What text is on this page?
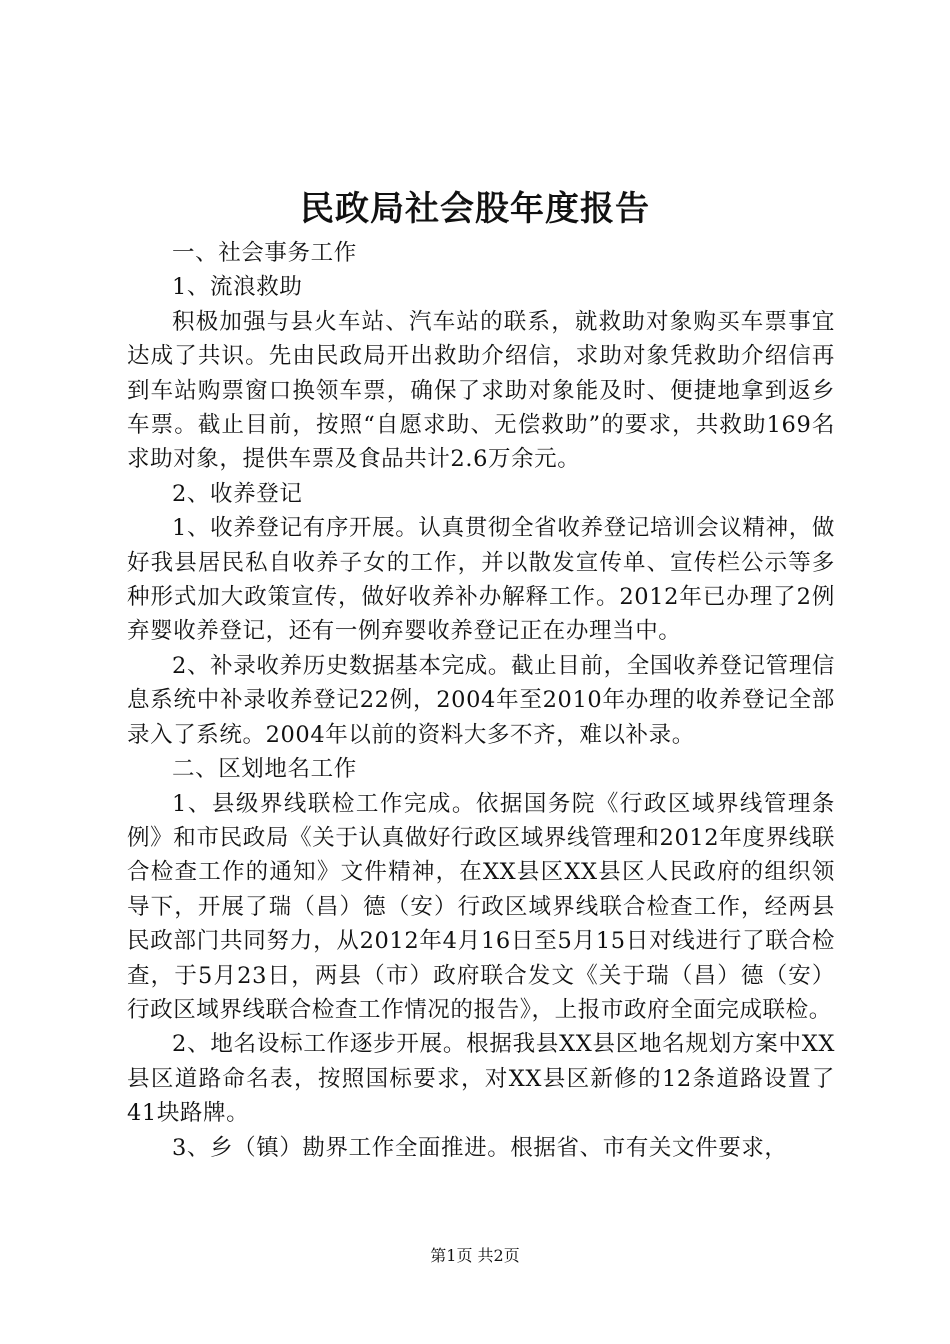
民政局社会股年度报告

一、社会事务工作

1、流浪救助

积极加强与县火车站、汽车站的联系，就救助对象购买车票事宜达成了共识。先由民政局开出救助介绍信，求助对象凭救助介绍信再到车站购票窗口换领车票，确保了求助对象能及时、便捷地拿到返乡车票。截止目前，按照“自愿求助、无偿救助”的要求，共救助169名求助对象，提供车票及食品共计2.6万余元。

2、收养登记

1、收养登记有序开展。认真贯彻全省收养登记培训会议精神，做好我县居民私自收养子女的工作，并以散发宣传单、宣传栏公示等多种形式加大政策宣传，做好收养补办解释工作。2012年已办理了2例弃婴收养登记，还有一例弃婴收养登记正在办理当中。

2、补录收养历史数据基本完成。截止目前，全国收养登记管理信息系统中补录收养登记22例，2004年至2010年办理的收养登记全部录入了系统。2004年以前的资料大多不齐，难以补录。

二、区划地名工作

1、县级界线联检工作完成。依据国务院《行政区域界线管理条例》和市民政局《关于认真做好行政区域界线管理和2012年度界线联合检查工作的通知》文件精神，在XX县区XX县区人民政府的组织领导下，开展了瑞（昌）德（安）行政区域界线联合检查工作，经两县民政部门共同努力，从2012年4月16日至5月15日对线进行了联合检查，于5月23日，两县（市）政府联合发文《关于瑞（昌）德（安）行政区域界线联合检查工作情况的报告》，上报市政府全面完成联检。

2、地名设标工作逐步开展。根据我县XX县区地名规划方案中XX县区道路命名表，按照国标要求，对XX县区新修的12条道路设置了41块路牌。

3、乡（镇）勘界工作全面推进。根据省、市有关文件要求，

第1页 共2页
